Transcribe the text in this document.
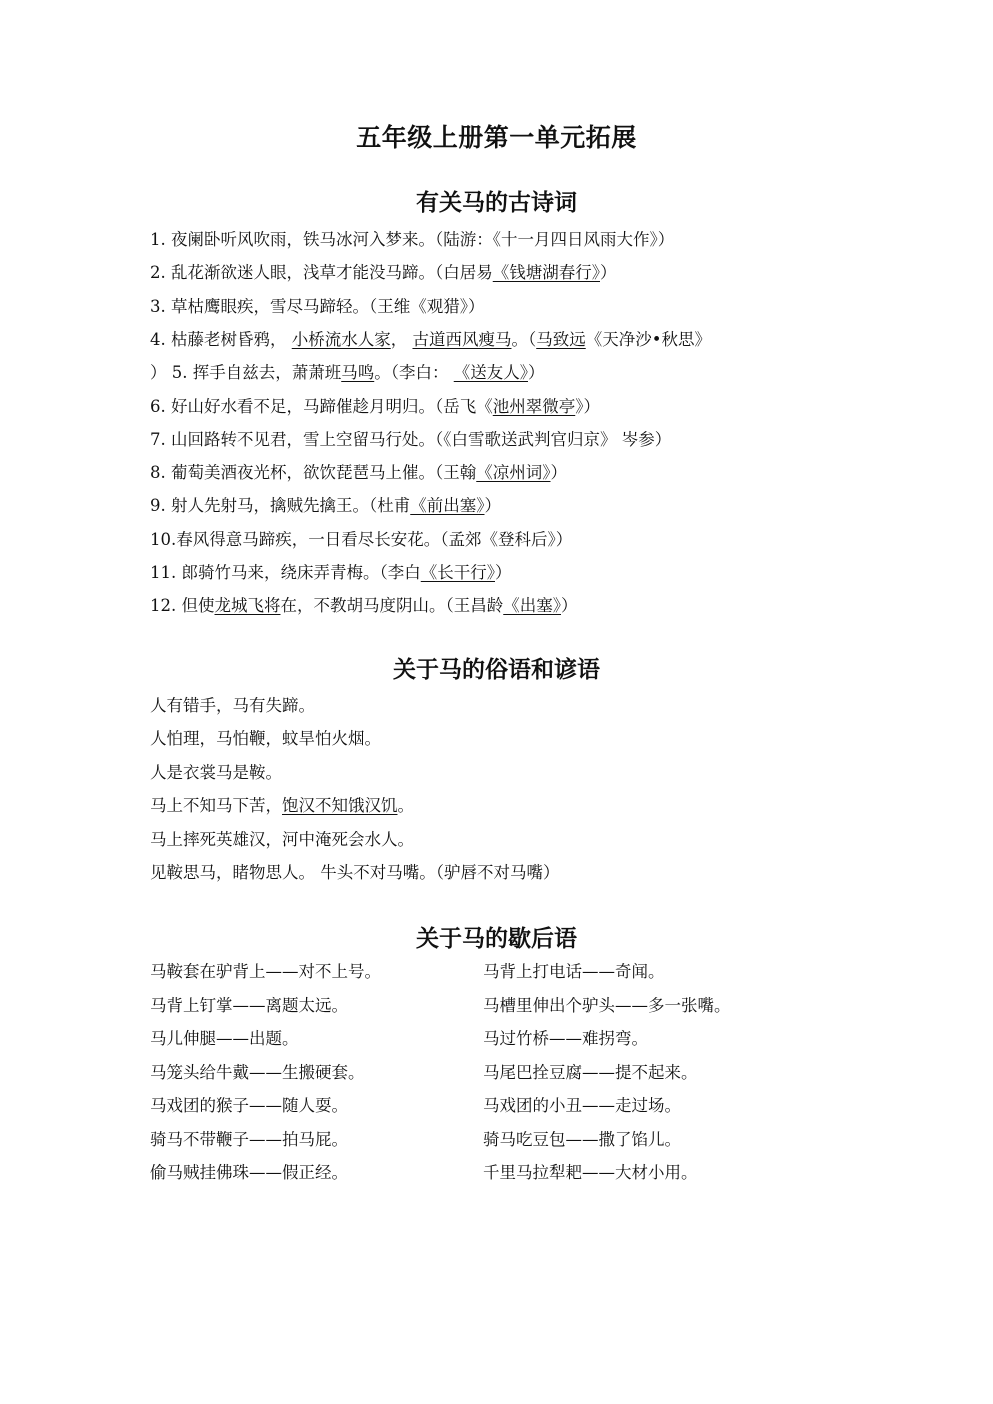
五年级上册第一单元拓展
有关马的古诗词
1. 夜阑卧听风吹雨，铁马冰河入梦来。（陆游：《十一月四日风雨大作》）
2. 乱花渐欲迷人眼，浅草才能没马蹄。（白居易《钱塘湖春行》）
3. 草枯鹰眼疾，雪尽马蹄轻。（王维《观猎》）
4. 枯藤老树昏鸦， 小桥流水人家， 古道西风瘦马。（马致远《天净沙•秋思》
） 5. 挥手自兹去，萧萧班马鸣。（李白： 《送友人》）
6. 好山好水看不足，马蹄催趁月明归。（岳飞《池州翠微亭》）
7. 山回路转不见君，雪上空留马行处。（《白雪歌送武判官归京》 岑参）
8. 葡萄美酒夜光杯，欲饮琵琶马上催。（王翰《凉州词》）
9. 射人先射马，擒贼先擒王。（杜甫《前出塞》）
10.春风得意马蹄疾，一日看尽长安花。（孟郊《登科后》）
11. 郎骑竹马来，绕床弄青梅。（李白《长干行》）
12. 但使龙城飞将在，不教胡马度阴山。（王昌龄《出塞》）
关于马的俗语和谚语
人有错手，马有失蹄。
人怕理，马怕鞭，蚊旱怕火烟。
人是衣裳马是鞍。
马上不知马下苦，饱汉不知饿汉饥。
马上摔死英雄汉，河中淹死会水人。
见鞍思马，睹物思人。 牛头不对马嘴。（驴唇不对马嘴）
关于马的歇后语
马鞍套在驴背上——对不上号。
马背上钉掌——离题太远。
马儿伸腿——出题。
马笼头给牛戴——生搬硬套。
马戏团的猴子——随人耍。
骑马不带鞭子——拍马屁。
偷马贼挂佛珠——假正经。
马背上打电话——奇闻。
马槽里伸出个驴头——多一张嘴。
马过竹桥——难拐弯。
马尾巴拴豆腐——提不起来。
马戏团的小丑——走过场。
骑马吃豆包——撒了馅儿。
千里马拉犁耙——大材小用。
